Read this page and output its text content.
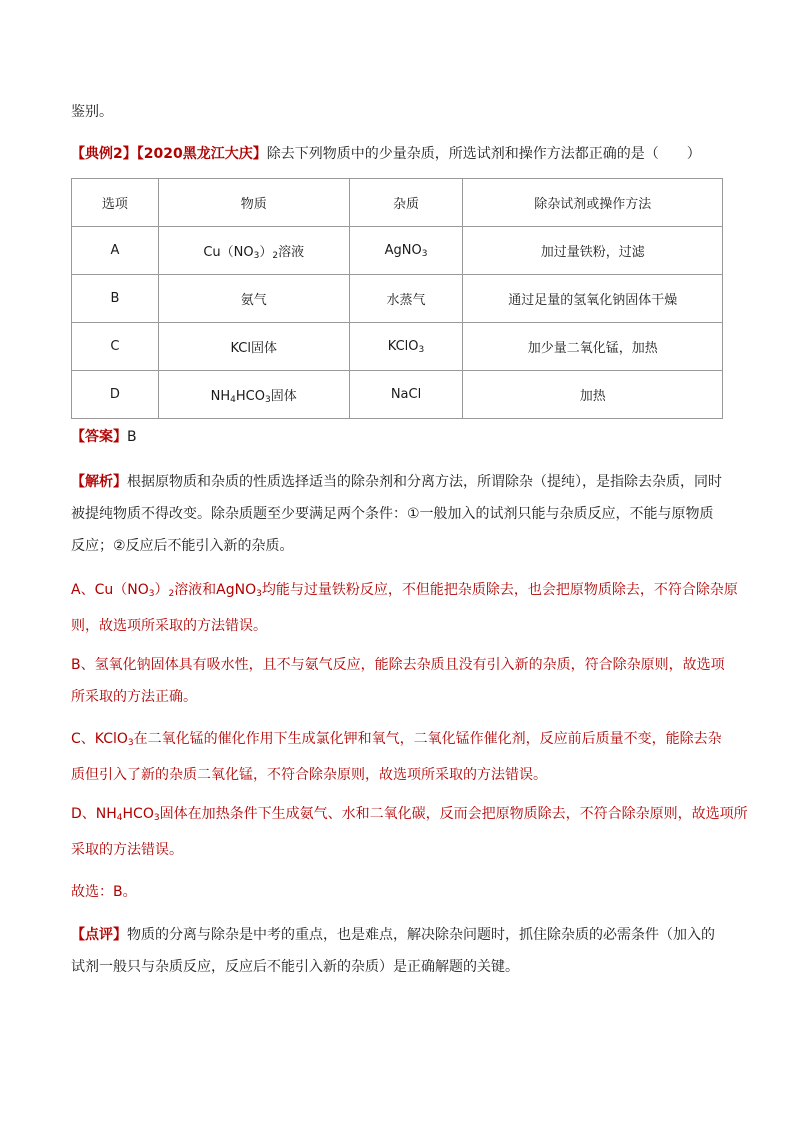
鉴别。
【典例2】【2020黑龙江大庆】除去下列物质中的少量杂质，所选试剂和操作方法都正确的是（　　）
选项	物质	杂质	除杂试剂或操作方法
A	$Cu(NO_3)_2$溶液	AgNO$_3$	加过量铁粉，过滤
B	氨气	水蒸气	通过足量的氢氧化钠固体干燥
C	KCl固体	KClO$_3$	加少量二氧化锰，加热
D	$NH_4HCO_3$固体	NaCl	加热
【答案】B
【解析】根据原物质和杂质的性质选择适当的除杂剂和分离方法，所谓除杂（提纯），是指除去杂质，同时
被提纯物质不得改变。除杂质题至少要满足两个条件：①一般加入的试剂只能与杂质反应，不能与原物质
反应；②反应后不能引入新的杂质。
A、$Cu(NO_3)_2$溶液和AgNO$_3$均能与过量铁粉反应，不但能把杂质除去，也会把原物质除去，不符合除杂原
则，故选项所采取的方法错误。
B、氢氧化钠固体具有吸水性，且不与氨气反应，能除去杂质且没有引入新的杂质，符合除杂原则，故选项
所采取的方法正确。
C、KClO$_3$在二氧化锰的催化作用下生成氯化钾和氧气，二氧化锰作催化剂，反应前后质量不变，能除去杂
质但引入了新的杂质二氧化锰，不符合除杂原则，故选项所采取的方法错误。
D、$NH_4HCO_3$固体在加热条件下生成氨气、水和二氧化碳，反而会把原物质除去，不符合除杂原则，故选项所
采取的方法错误。
故选：B。
【点评】物质的分离与除杂是中考的重点，也是难点，解决除杂问题时，抓住除杂质的必需条件（加入的
试剂一般只与杂质反应，反应后不能引入新的杂质）是正确解题的关键。
